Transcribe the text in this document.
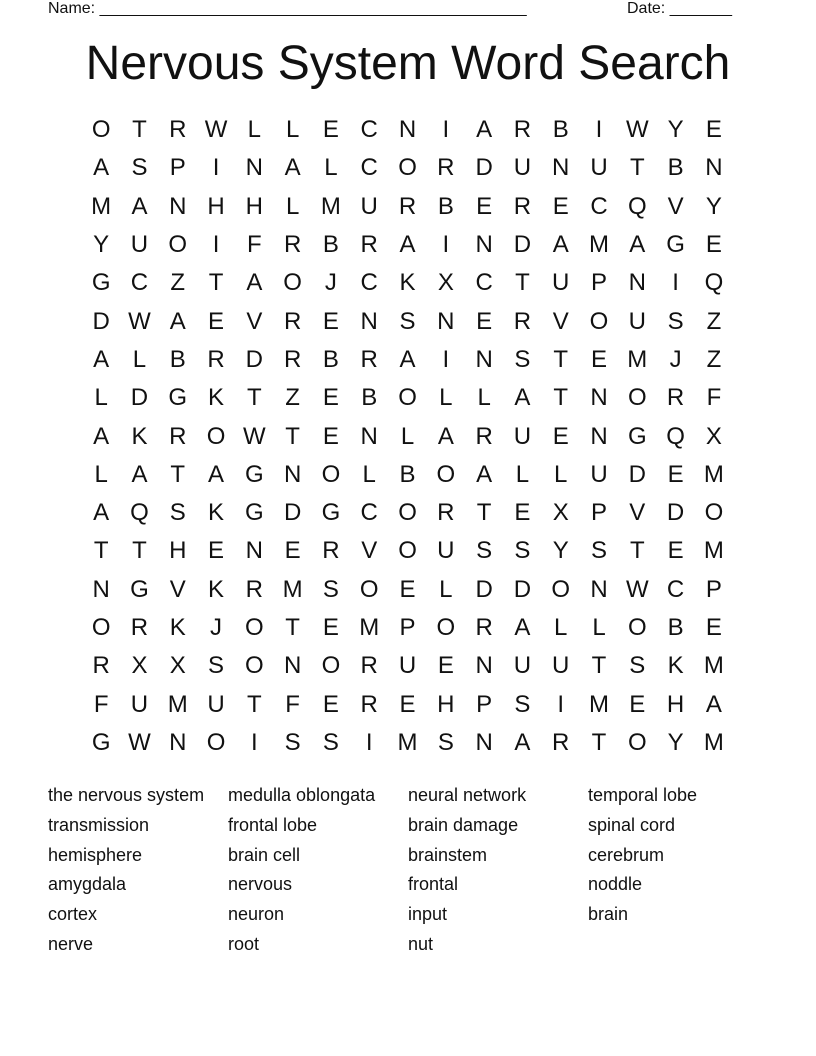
Name: ________________________________________________	Date: _______
Nervous System Word Search
O T R W L	L E C N	I	A R B	I W Y E
A S P	I	N A L C O R D U N U T B N
M A N H H L M U R B E R E C Q V Y
Y U O	I	F R B R A	I	N D A M A G E
G C Z T A O J C K X C T U P N	I	Q
D W A E V R E N S N E R V O U S Z
A L B R D R B R A	I	N S T E M J	Z
L D G K T Z E B O L	L A T N O R F
A K R O W T E N L A R U E N G Q X
L A T A G N O L B O A L	L U D E M
A Q S K G D G C O R T E X P V D O
T T H E N E R V O U S S Y S T E M
N G V K R M S O E L D D O N W C P
O R K	J O T E M P O R A L	L O B E
R X X S O N O R U E N U U T S K M
F U M U T F E R E H P S	I	M E H A
G W N O	I	S S	I	M S N A R T O Y M
the nervous system
transmission
hemisphere
amygdala
cortex
nerve
medulla oblongata
frontal lobe
brain cell
nervous
neuron
root
neural network
brain damage
brainstem
frontal
input
nut
temporal lobe
spinal cord
cerebrum
noddle
brain
